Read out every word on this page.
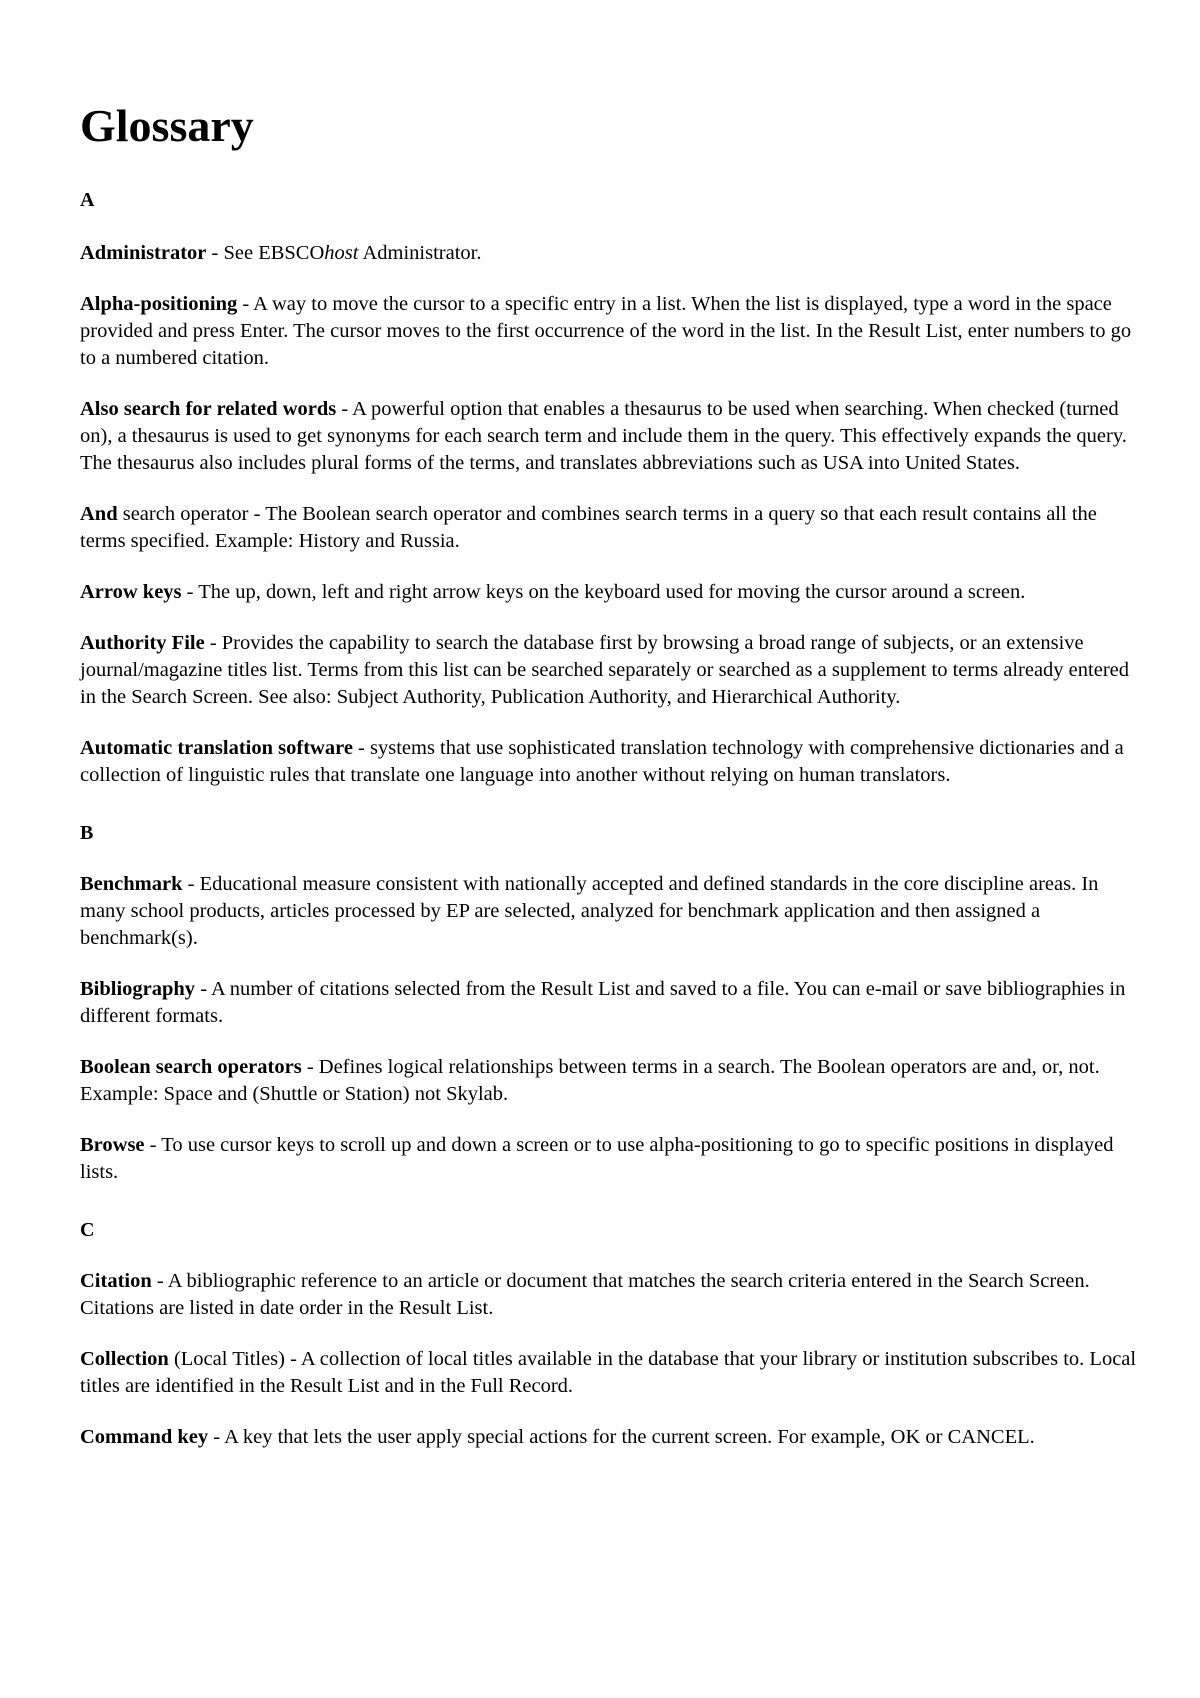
Glossary
A

Administrator - See EBSCOhost Administrator.

Alpha-positioning - A way to move the cursor to a specific entry in a list. When the list is displayed, type a word in the space provided and press Enter. The cursor moves to the first occurrence of the word in the list. In the Result List, enter numbers to go to a numbered citation.

Also search for related words - A powerful option that enables a thesaurus to be used when searching. When checked (turned on), a thesaurus is used to get synonyms for each search term and include them in the query. This effectively expands the query. The thesaurus also includes plural forms of the terms, and translates abbreviations such as USA into United States.

And search operator - The Boolean search operator and combines search terms in a query so that each result contains all the terms specified. Example: History and Russia.

Arrow keys - The up, down, left and right arrow keys on the keyboard used for moving the cursor around a screen.

Authority File - Provides the capability to search the database first by browsing a broad range of subjects, or an extensive journal/magazine titles list. Terms from this list can be searched separately or searched as a supplement to terms already entered in the Search Screen. See also: Subject Authority, Publication Authority, and Hierarchical Authority.

Automatic translation software - systems that use sophisticated translation technology with comprehensive dictionaries and a collection of linguistic rules that translate one language into another without relying on human translators.

B

Benchmark - Educational measure consistent with nationally accepted and defined standards in the core discipline areas. In many school products, articles processed by EP are selected, analyzed for benchmark application and then assigned a benchmark(s).

Bibliography - A number of citations selected from the Result List and saved to a file. You can e-mail or save bibliographies in different formats.

Boolean search operators - Defines logical relationships between terms in a search. The Boolean operators are and, or, not. Example: Space and (Shuttle or Station) not Skylab.

Browse - To use cursor keys to scroll up and down a screen or to use alpha-positioning to go to specific positions in displayed lists.

C

Citation - A bibliographic reference to an article or document that matches the search criteria entered in the Search Screen. Citations are listed in date order in the Result List.

Collection (Local Titles) - A collection of local titles available in the database that your library or institution subscribes to. Local titles are identified in the Result List and in the Full Record.

Command key - A key that lets the user apply special actions for the current screen. For example, OK or CANCEL.
